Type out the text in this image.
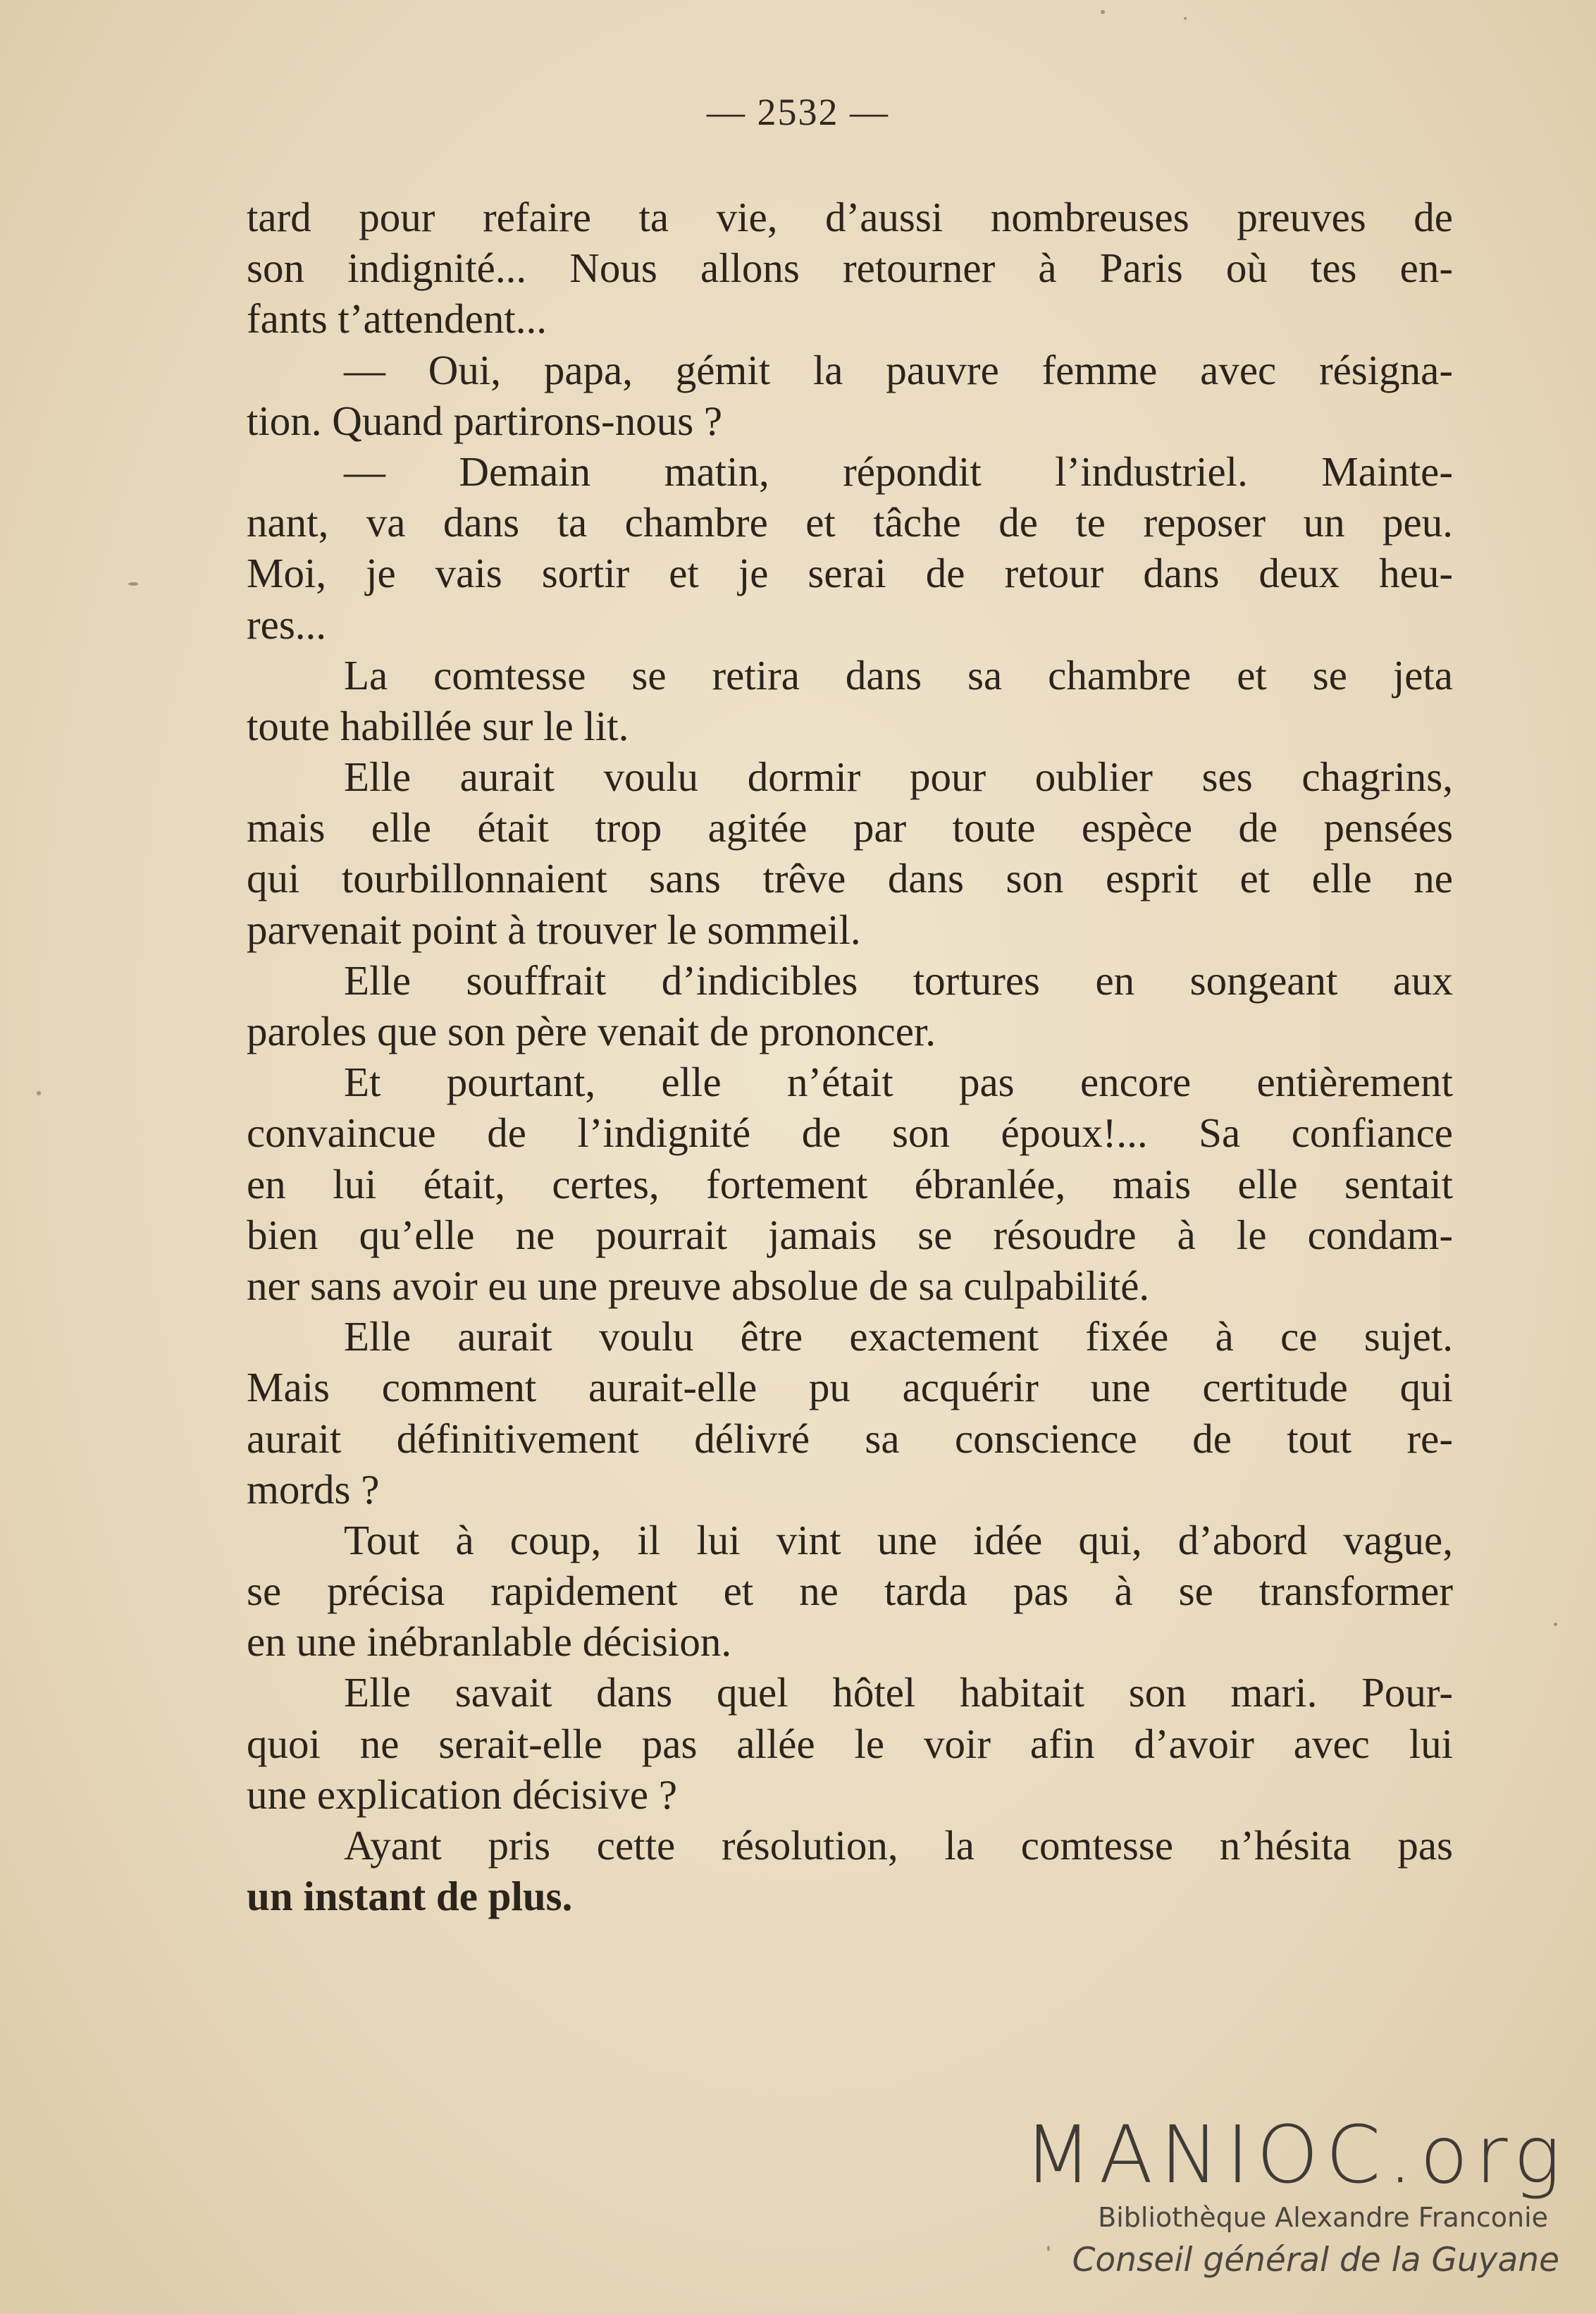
— 2532 —
tard pour refaire ta vie, d’aussi nombreuses preuves de
son indignité... Nous allons retourner à Paris où tes en-
fants t’attendent...
— Oui, papa, gémit la pauvre femme avec résigna-
tion. Quand partirons-nous ?
— Demain matin, répondit l’industriel. Mainte-
nant, va dans ta chambre et tâche de te reposer un peu.
Moi, je vais sortir et je serai de retour dans deux heu-
res...
La comtesse se retira dans sa chambre et se jeta
toute habillée sur le lit.
Elle aurait voulu dormir pour oublier ses chagrins,
mais elle était trop agitée par toute espèce de pensées
qui tourbillonnaient sans trêve dans son esprit et elle ne
parvenait point à trouver le sommeil.
Elle souffrait d’indicibles tortures en songeant aux
paroles que son père venait de prononcer.
Et pourtant, elle n’était pas encore entièrement
convaincue de l’indignité de son époux!... Sa confiance
en lui était, certes, fortement ébranlée, mais elle sentait
bien qu’elle ne pourrait jamais se résoudre à le condam-
ner sans avoir eu une preuve absolue de sa culpabilité.
Elle aurait voulu être exactement fixée à ce sujet.
Mais comment aurait-elle pu acquérir une certitude qui
aurait définitivement délivré sa conscience de tout re-
mords ?
Tout à coup, il lui vint une idée qui, d’abord vague,
se précisa rapidement et ne tarda pas à se transformer
en une inébranlable décision.
Elle savait dans quel hôtel habitait son mari. Pour-
quoi ne serait-elle pas allée le voir afin d’avoir avec lui
une explication décisive ?
Ayant pris cette résolution, la comtesse n’hésita pas
un instant de plus.
MANIOC.org
Bibliothèque Alexandre Franconie
Conseil général de la Guyane
